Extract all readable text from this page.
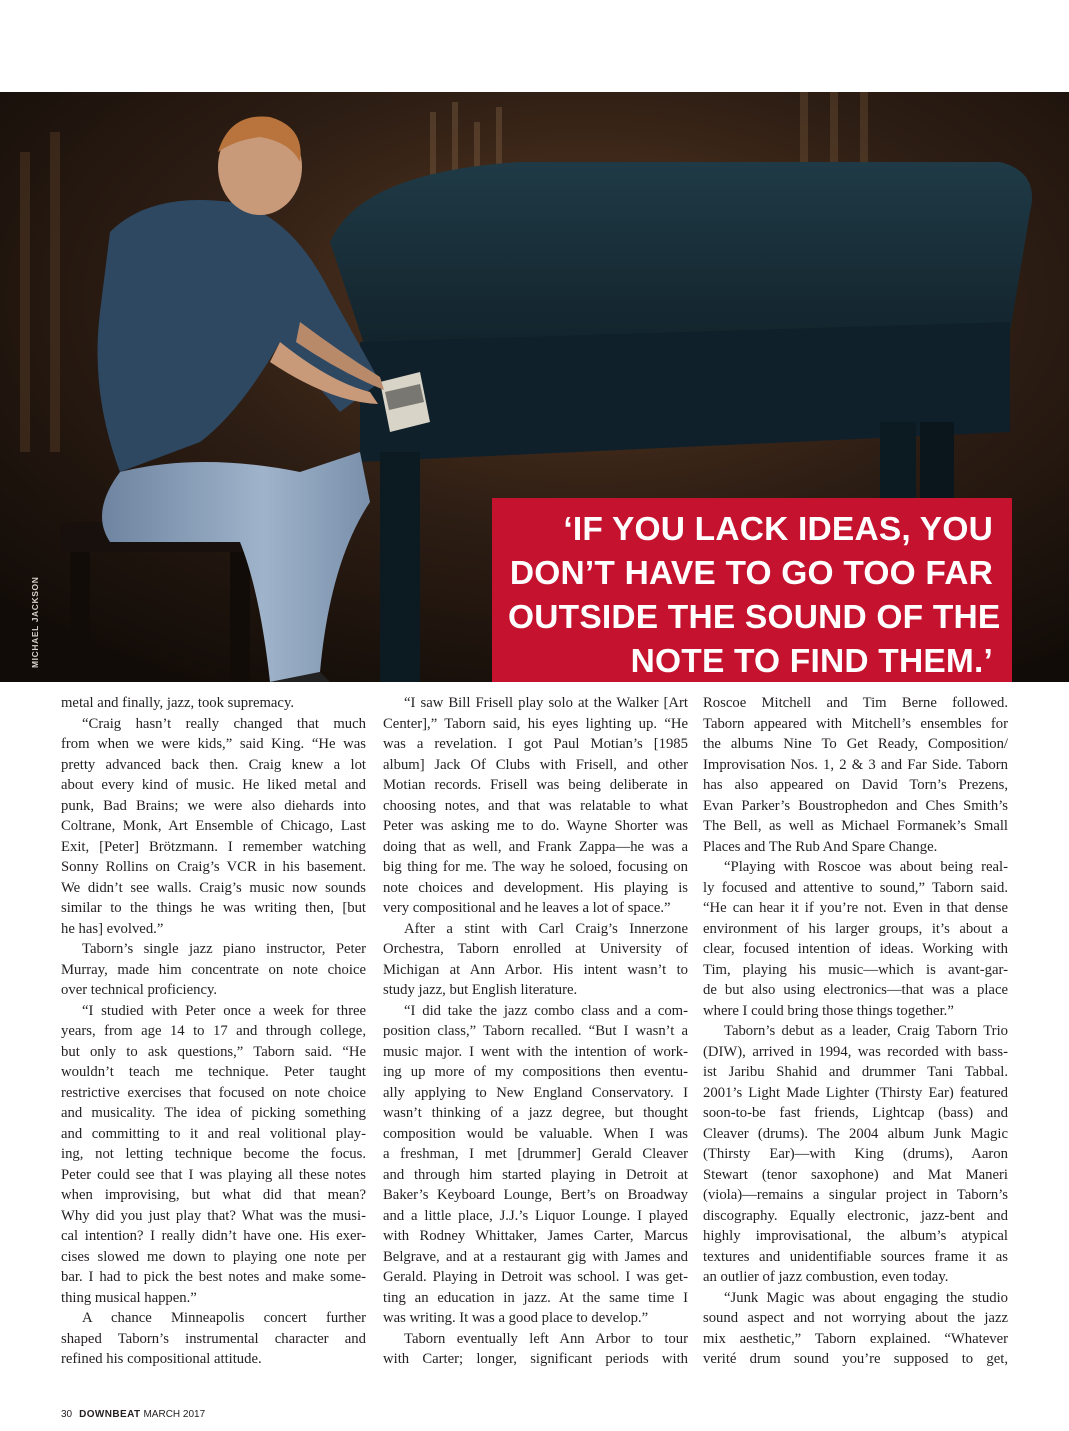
MICHAEL JACKSON
‘IF YOU LACK IDEAS, YOU
DON’T HAVE TO GO TOO FAR
OUTSIDE THE SOUND OF THE
NOTE TO FIND THEM.’
metal and finally, jazz, took supremacy.
“Craig hasn’t really changed that much
from when we were kids,” said King. “He was
pretty advanced back then. Craig knew a lot
about every kind of music. He liked metal and
punk, Bad Brains; we were also diehards into
Coltrane, Monk, Art Ensemble of Chicago, Last
Exit, [Peter] Brötzmann. I remember watching
Sonny Rollins on Craig’s VCR in his basement.
We didn’t see walls. Craig’s music now sounds
similar to the things he was writing then, [but
he has] evolved.”
Taborn’s single jazz piano instructor, Peter
Murray, made him concentrate on note choice
over technical proficiency.
“I studied with Peter once a week for three
years, from age 14 to 17 and through college,
but only to ask questions,” Taborn said. “He
wouldn’t teach me technique. Peter taught
restrictive exercises that focused on note choice
and musicality. The idea of picking something
and committing to it and real volitional play-
ing, not letting technique become the focus.
Peter could see that I was playing all these notes
when improvising, but what did that mean?
Why did you just play that? What was the musi-
cal intention? I really didn’t have one. His exer-
cises slowed me down to playing one note per
bar. I had to pick the best notes and make some-
thing musical happen.”
A chance Minneapolis concert further
shaped Taborn’s instrumental character and
refined his compositional attitude.
“I saw Bill Frisell play solo at the Walker [Art
Center],” Taborn said, his eyes lighting up. “He
was a revelation. I got Paul Motian’s [1985
album] Jack Of Clubs with Frisell, and other
Motian records. Frisell was being deliberate in
choosing notes, and that was relatable to what
Peter was asking me to do. Wayne Shorter was
doing that as well, and Frank Zappa—he was a
big thing for me. The way he soloed, focusing on
note choices and development. His playing is
very compositional and he leaves a lot of space.”
After a stint with Carl Craig’s Innerzone
Orchestra, Taborn enrolled at University of
Michigan at Ann Arbor. His intent wasn’t to
study jazz, but English literature.
“I did take the jazz combo class and a com-
position class,” Taborn recalled. “But I wasn’t a
music major. I went with the intention of work-
ing up more of my compositions then eventu-
ally applying to New England Conservatory. I
wasn’t thinking of a jazz degree, but thought
composition would be valuable. When I was
a freshman, I met [drummer] Gerald Cleaver
and through him started playing in Detroit at
Baker’s Keyboard Lounge, Bert’s on Broadway
and a little place, J.J.’s Liquor Lounge. I played
with Rodney Whittaker, James Carter, Marcus
Belgrave, and at a restaurant gig with James and
Gerald. Playing in Detroit was school. I was get-
ting an education in jazz. At the same time I
was writing. It was a good place to develop.”
Taborn eventually left Ann Arbor to tour
with Carter; longer, significant periods with
Roscoe Mitchell and Tim Berne followed.
Taborn appeared with Mitchell’s ensembles for
the albums Nine To Get Ready, Composition/
Improvisation Nos. 1, 2 & 3 and Far Side. Taborn
has also appeared on David Torn’s Prezens,
Evan Parker’s Boustrophedon and Ches Smith’s
The Bell, as well as Michael Formanek’s Small
Places and The Rub And Spare Change.
“Playing with Roscoe was about being real-
ly focused and attentive to sound,” Taborn said.
“He can hear it if you’re not. Even in that dense
environment of his larger groups, it’s about a
clear, focused intention of ideas. Working with
Tim, playing his music—which is avant-gar-
de but also using electronics—that was a place
where I could bring those things together.”
Taborn’s debut as a leader, Craig Taborn Trio
(DIW), arrived in 1994, was recorded with bass-
ist Jaribu Shahid and drummer Tani Tabbal.
2001’s Light Made Lighter (Thirsty Ear) featured
soon-to-be fast friends, Lightcap (bass) and
Cleaver (drums). The 2004 album Junk Magic
(Thirsty Ear)—with King (drums), Aaron
Stewart (tenor saxophone) and Mat Maneri
(viola)—remains a singular project in Taborn’s
discography. Equally electronic, jazz-bent and
highly improvisational, the album’s atypical
textures and unidentifiable sources frame it as
an outlier of jazz combustion, even today.
“Junk Magic was about engaging the studio
sound aspect and not worrying about the jazz
mix aesthetic,” Taborn explained. “Whatever
verité drum sound you’re supposed to get,
30 DOWNBEAT MARCH 2017
